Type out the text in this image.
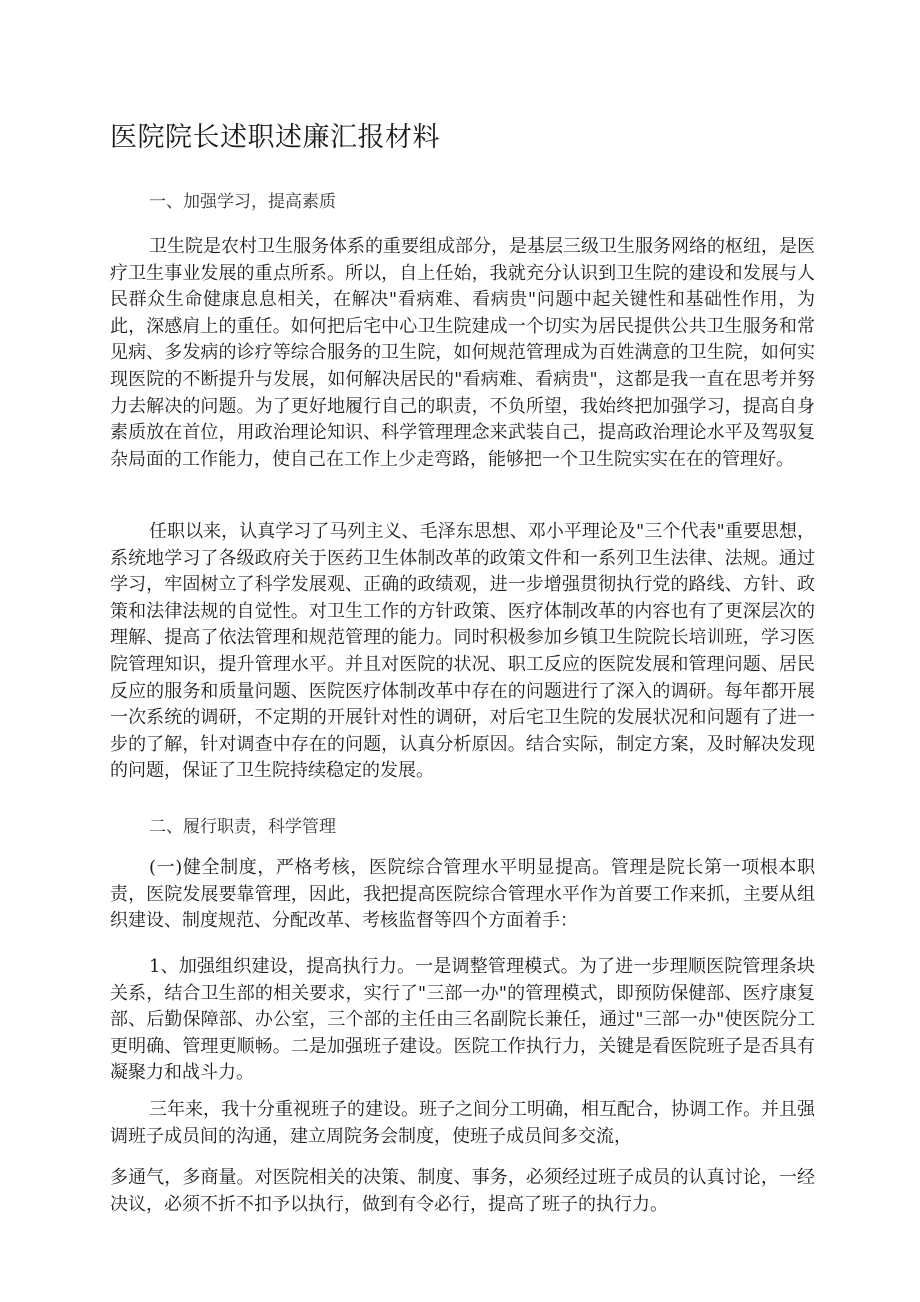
医院院长述职述廉汇报材料

一、加强学习，提高素质

卫生院是农村卫生服务体系的重要组成部分，是基层三级卫生服务网络的枢纽，是医疗卫生事业发展的重点所系。所以，自上任始，我就充分认识到卫生院的建设和发展与人民群众生命健康息息相关，在解决"看病难、看病贵"问题中起关键性和基础性作用，为此，深感肩上的重任。如何把后宅中心卫生院建成一个切实为居民提供公共卫生服务和常见病、多发病的诊疗等综合服务的卫生院，如何规范管理成为百姓满意的卫生院，如何实现医院的不断提升与发展，如何解决居民的"看病难、看病贵"，这都是我一直在思考并努力去解决的问题。为了更好地履行自己的职责，不负所望，我始终把加强学习，提高自身素质放在首位，用政治理论知识、科学管理理念来武装自己，提高政治理论水平及驾驭复杂局面的工作能力，使自己在工作上少走弯路，能够把一个卫生院实实在在的管理好。

任职以来，认真学习了马列主义、毛泽东思想、邓小平理论及"三个代表"重要思想，系统地学习了各级政府关于医药卫生体制改革的政策文件和一系列卫生法律、法规。通过学习，牢固树立了科学发展观、正确的政绩观，进一步增强贯彻执行党的路线、方针、政策和法律法规的自觉性。对卫生工作的方针政策、医疗体制改革的内容也有了更深层次的理解、提高了依法管理和规范管理的能力。同时积极参加乡镇卫生院院长培训班，学习医院管理知识，提升管理水平。并且对医院的状况、职工反应的医院发展和管理问题、居民反应的服务和质量问题、医院医疗体制改革中存在的问题进行了深入的调研。每年都开展一次系统的调研，不定期的开展针对性的调研，对后宅卫生院的发展状况和问题有了进一步的了解，针对调查中存在的问题，认真分析原因。结合实际，制定方案，及时解决发现的问题，保证了卫生院持续稳定的发展。

二、履行职责，科学管理

(一)健全制度，严格考核，医院综合管理水平明显提高。管理是院长第一项根本职责，医院发展要靠管理，因此，我把提高医院综合管理水平作为首要工作来抓，主要从组织建设、制度规范、分配改革、考核监督等四个方面着手：

1、加强组织建设，提高执行力。一是调整管理模式。为了进一步理顺医院管理条块关系，结合卫生部的相关要求，实行了"三部一办"的管理模式，即预防保健部、医疗康复部、后勤保障部、办公室，三个部的主任由三名副院长兼任，通过"三部一办"使医院分工更明确、管理更顺畅。二是加强班子建设。医院工作执行力，关键是看医院班子是否具有凝聚力和战斗力。

三年来，我十分重视班子的建设。班子之间分工明确，相互配合，协调工作。并且强调班子成员间的沟通，建立周院务会制度，使班子成员间多交流，

多通气，多商量。对医院相关的决策、制度、事务，必须经过班子成员的认真讨论，一经决议，必须不折不扣予以执行，做到有令必行，提高了班子的执行力。
